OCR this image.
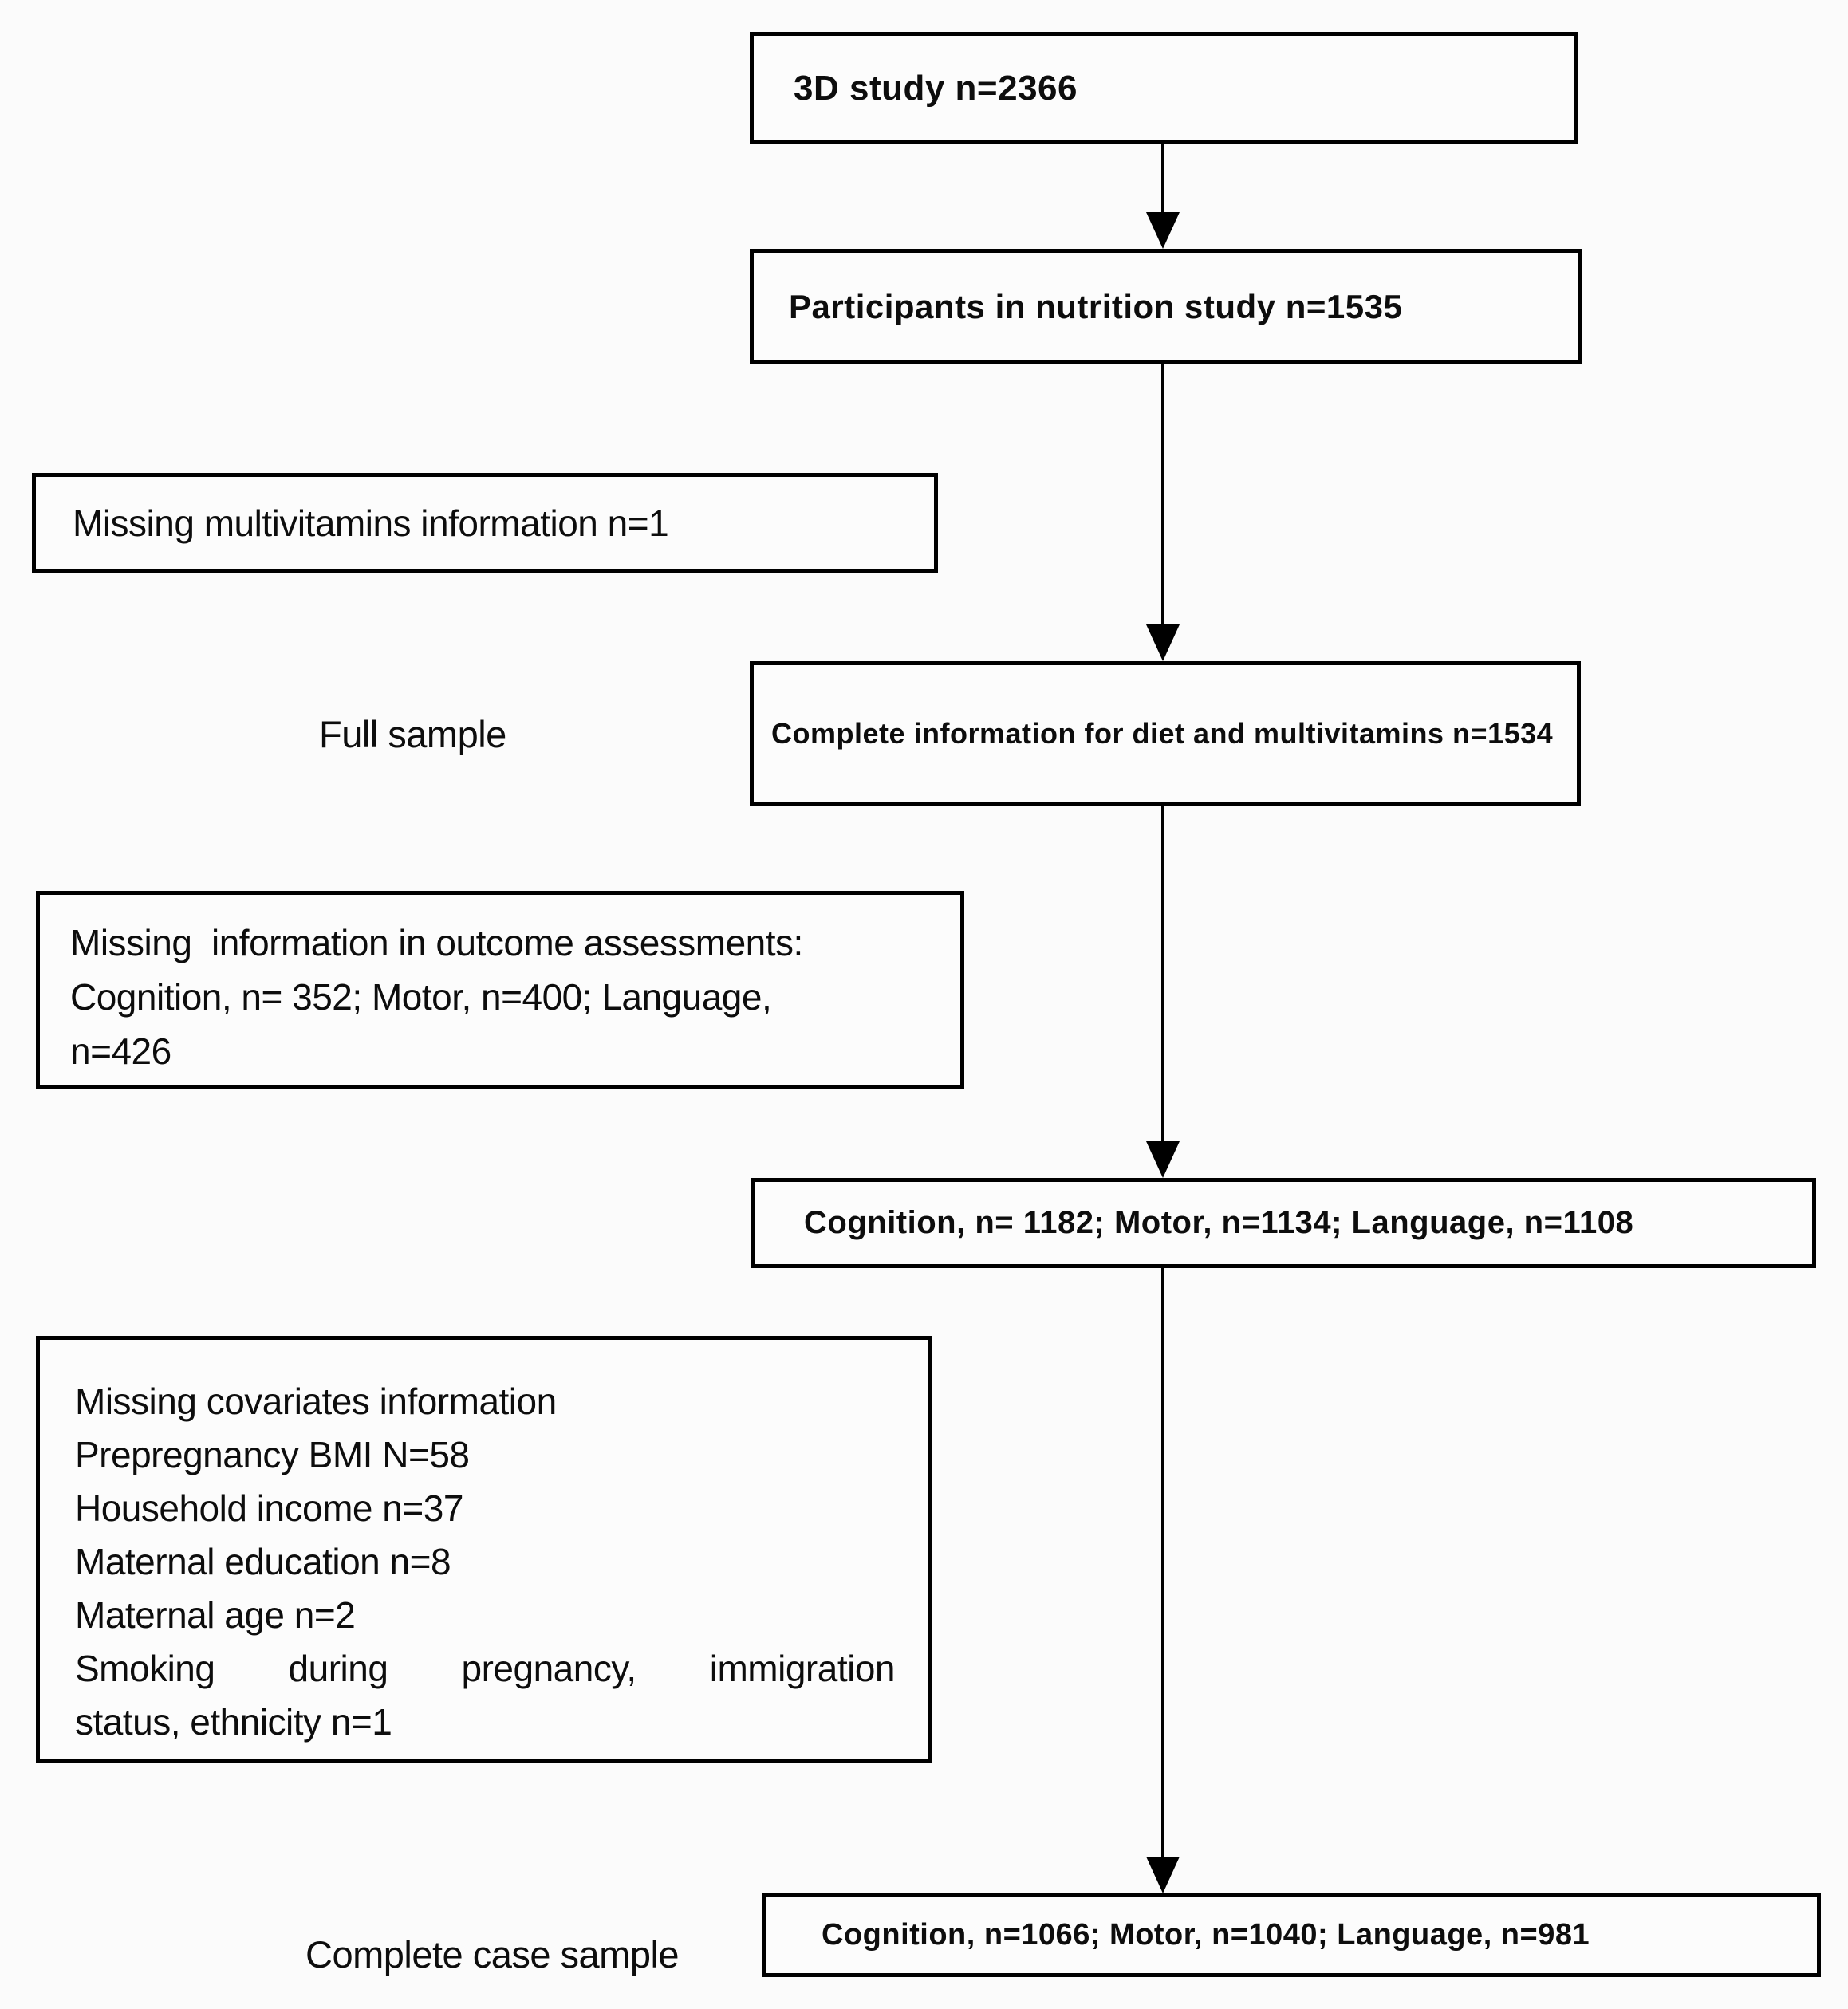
3D study n=2366
Participants in nutrition study n=1535
Complete information for diet and multivitamins n=1534
Cognition, n= 1182; Motor, n=1134; Language, n=1108
Cognition, n=1066; Motor, n=1040; Language, n=981
Missing multivitamins information n=1
Missing  information in outcome assessments:
Cognition, n= 352; Motor, n=400; Language,
n=426
Missing covariates information
Prepregnancy BMI N=58
Household income n=37
Maternal education n=8
Maternal age n=2
Smoking during pregnancy, immigration
status, ethnicity n=1
Full sample
Complete case sample
